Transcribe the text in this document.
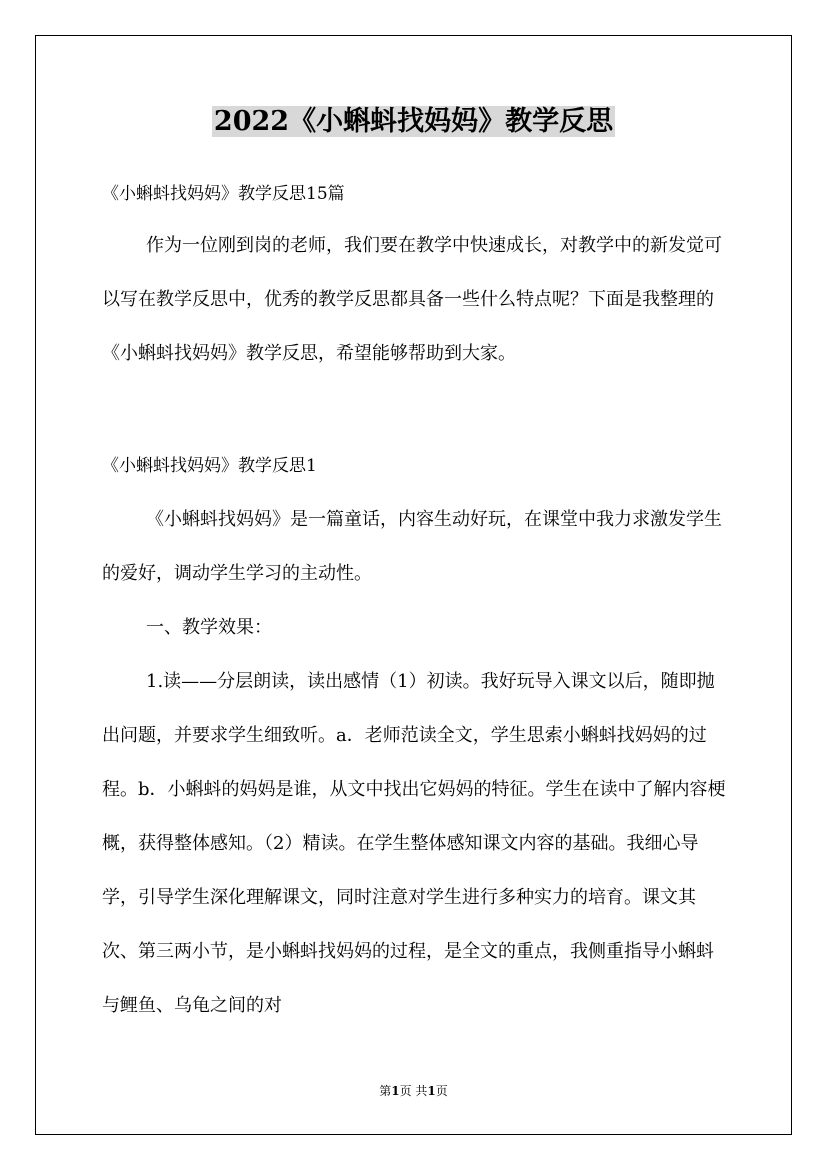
2022《小蝌蚪找妈妈》教学反思
《小蝌蚪找妈妈》教学反思15篇
作为一位刚到岗的老师，我们要在教学中快速成长，对教学中的新发觉可以写在教学反思中，优秀的教学反思都具备一些什么特点呢？下面是我整理的《小蝌蚪找妈妈》教学反思，希望能够帮助到大家。
《小蝌蚪找妈妈》教学反思1
《小蝌蚪找妈妈》是一篇童话，内容生动好玩，在课堂中我力求激发学生的爱好，调动学生学习的主动性。
一、教学效果：
1.读——分层朗读，读出感情（1）初读。我好玩导入课文以后，随即抛出问题，并要求学生细致听。a．老师范读全文，学生思索小蝌蚪找妈妈的过程。b．小蝌蚪的妈妈是谁，从文中找出它妈妈的特征。学生在读中了解内容梗概，获得整体感知。（2）精读。在学生整体感知课文内容的基础。我细心导学，引导学生深化理解课文，同时注意对学生进行多种实力的培育。课文其次、第三两小节，是小蝌蚪找妈妈的过程，是全文的重点，我侧重指导小蝌蚪与鲤鱼、乌龟之间的对
第1页 共1页
